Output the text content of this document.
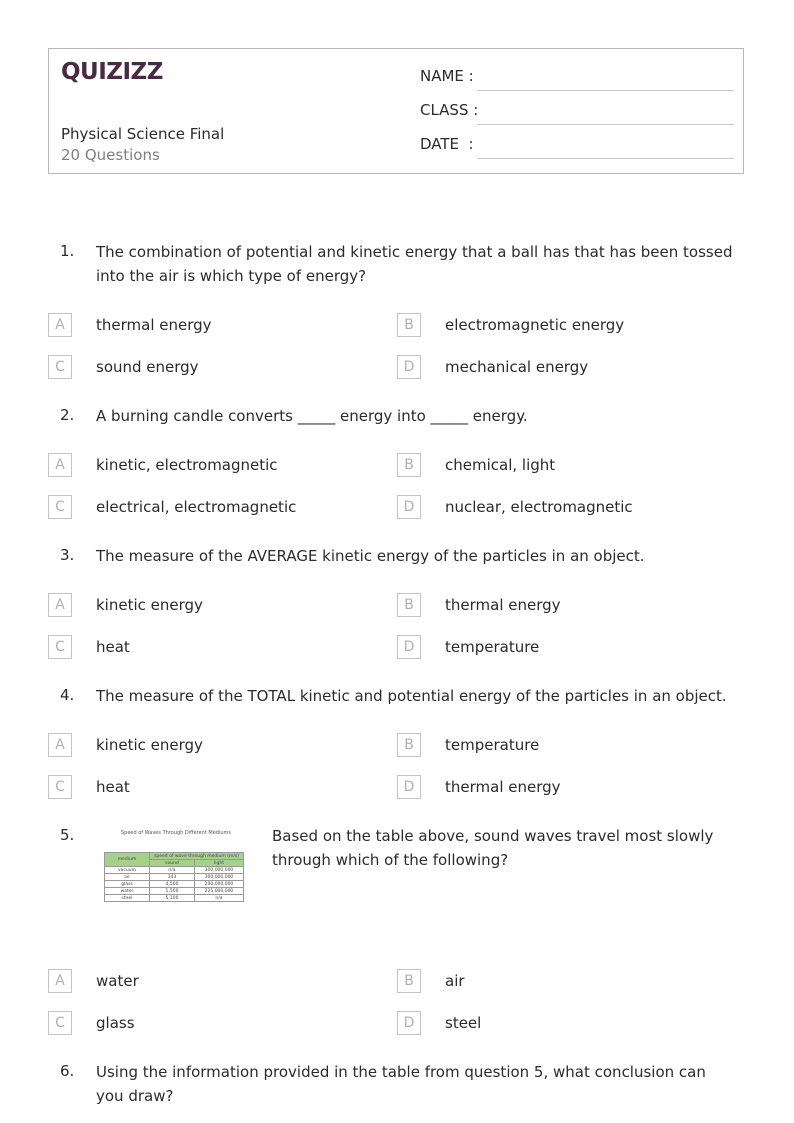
QUIZIZZ
Physical Science Final
20 Questions
NAME :
CLASS :
DATE  :
1. The combination of potential and kinetic energy that a ball has that has been tossed into the air is which type of energy?
A	thermal energy	B	electromagnetic energy
C	sound energy	D	mechanical energy
2. A burning candle converts _____ energy into _____ energy.
A	kinetic, electromagnetic	B	chemical, light
C	electrical, electromagnetic	D	nuclear, electromagnetic
3. The measure of the AVERAGE kinetic energy of the particles in an object.
A	kinetic energy	B	thermal energy
C	heat	D	temperature
4. The measure of the TOTAL kinetic and potential energy of the particles in an object.
A	kinetic energy	B	temperature
C	heat	D	thermal energy
5.	Speed of Waves Through Different Mediums
medium	speed of wave through medium (m/s)	
	sound	light
vacuum	n/a	300,000,000
air	343	300,000,000
glass	4,500	200,000,000
water	1,500	225,000,000
steel	5,100	n/a
Based on the table above, sound waves travel most slowly through which of the following?
A	water	B	air
C	glass	D	steel
6. Using the information provided in the table from question 5, what conclusion can you draw?
